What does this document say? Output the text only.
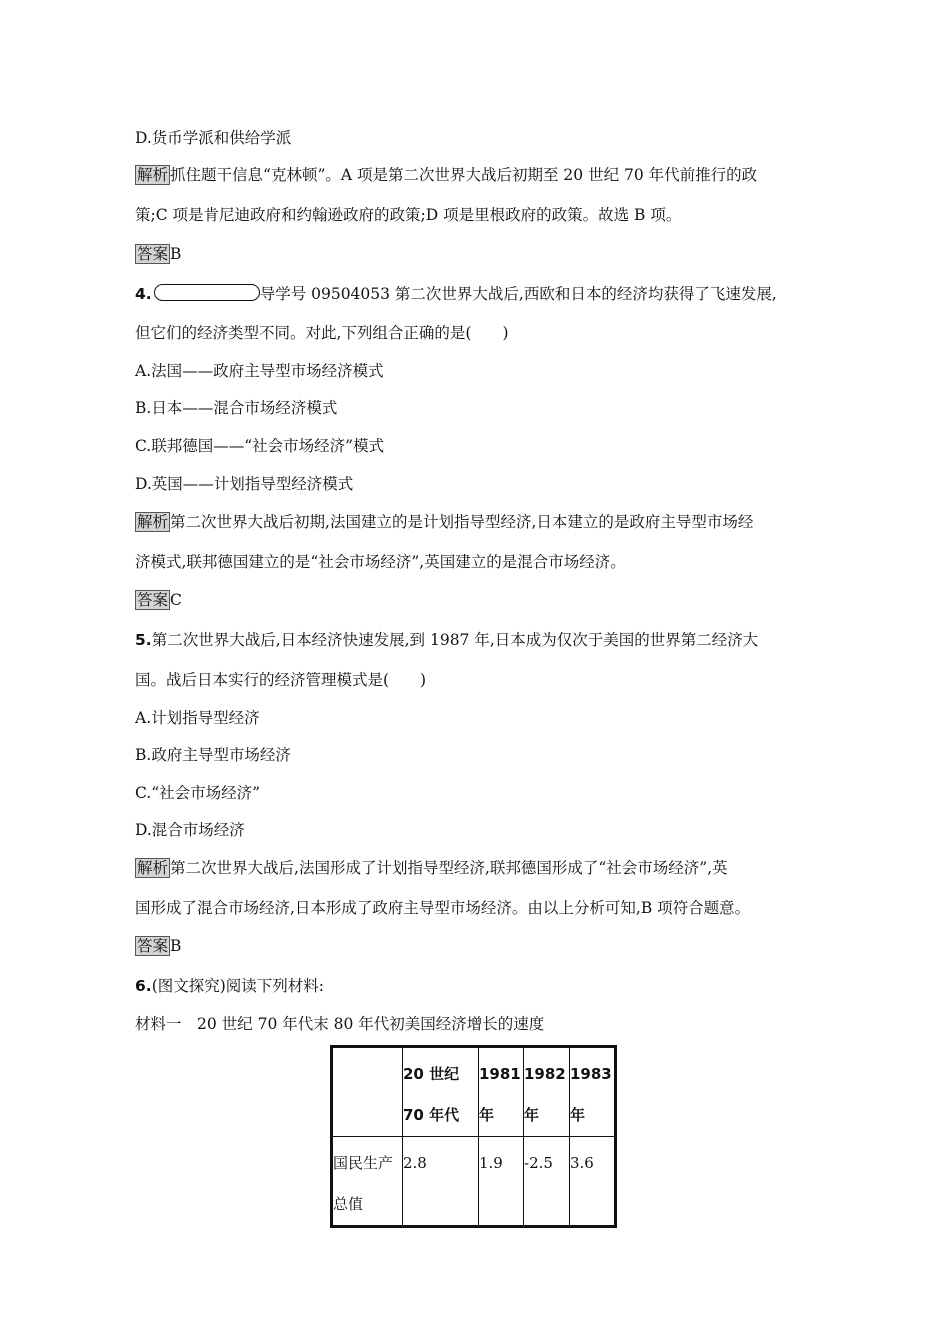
D.货币学派和供给学派
解析 抓住题干信息“克林顿”。A 项是第二次世界大战后初期至 20 世纪 70 年代前推行的政
策;C 项是肯尼迪政府和约翰逊政府的政策;D 项是里根政府的政策。故选 B 项。
答案 B
4.	导学号 09504053 第二次世界大战后,西欧和日本的经济均获得了飞速发展,
但它们的经济类型不同。对此,下列组合正确的是(　　)
A.法国——政府主导型市场经济模式
B.日本——混合市场经济模式
C.联邦德国——“社会市场经济”模式
D.英国——计划指导型经济模式
解析 第二次世界大战后初期,法国建立的是计划指导型经济,日本建立的是政府主导型市场经
济模式,联邦德国建立的是“社会市场经济”,英国建立的是混合市场经济。
答案 C
5.第二次世界大战后,日本经济快速发展,到 1987 年,日本成为仅次于美国的世界第二经济大
国。战后日本实行的经济管理模式是(　　)
A.计划指导型经济
B.政府主导型市场经济
C.“社会市场经济”
D.混合市场经济
解析 第二次世界大战后,法国形成了计划指导型经济,联邦德国形成了“社会市场经济”,英
国形成了混合市场经济,日本形成了政府主导型市场经济。由以上分析可知,B 项符合题意。
答案 B
6.(图文探究)阅读下列材料:
材料一　20 世纪 70 年代末 80 年代初美国经济增长的速度
	20 世纪 70 年代	1981 年	1982 年	1983 年
国民生产总值	2.8	1.9	-2.5	3.6
